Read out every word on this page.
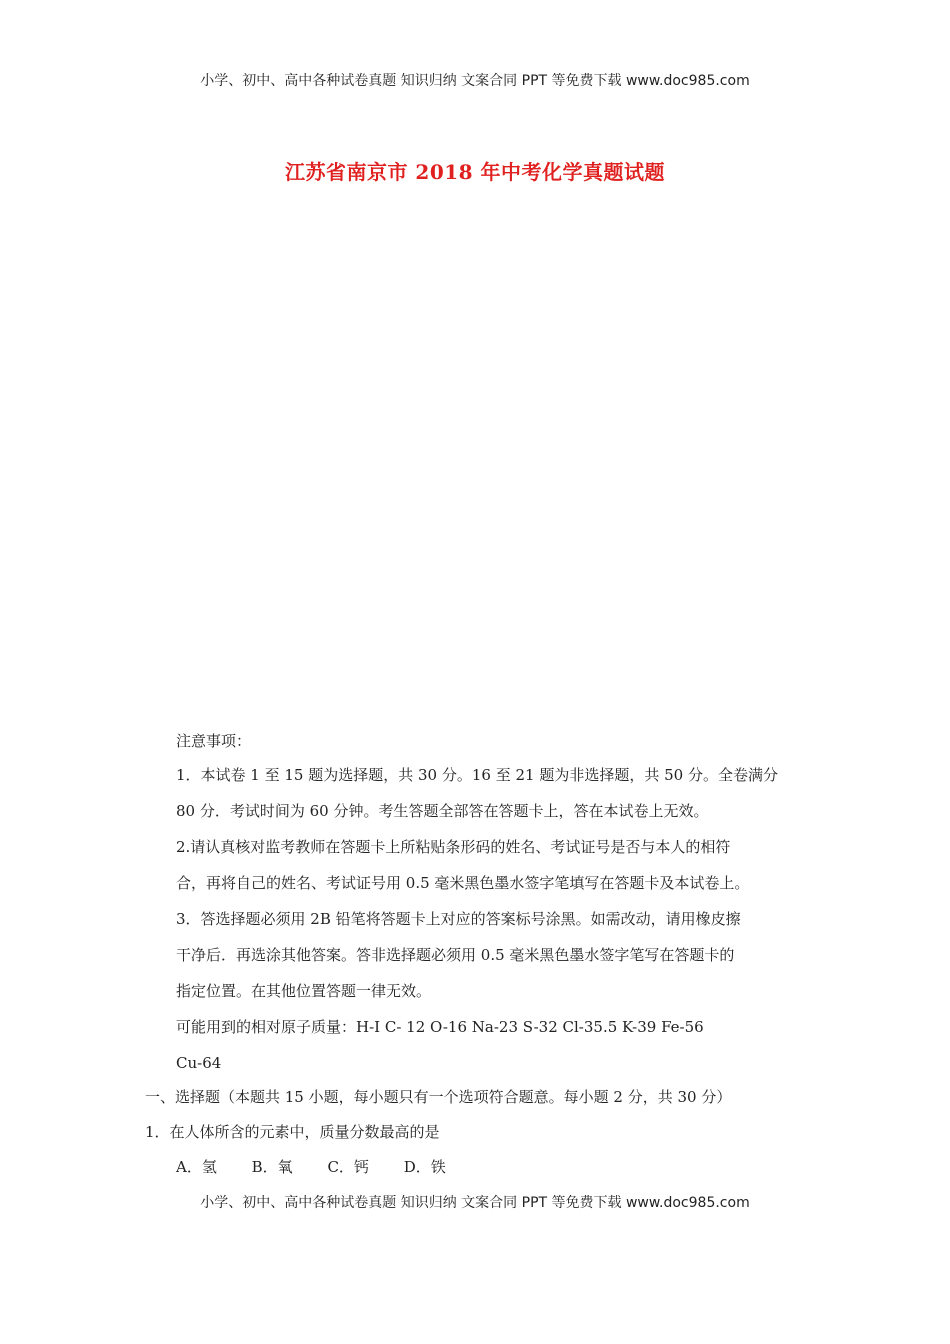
小学、初中、高中各种试卷真题 知识归纳 文案合同 PPT 等免费下载 www.doc985.com
江苏省南京市 2018 年中考化学真题试题
注意事项：
1．本试卷 1 至 15 题为选择题，共 30 分。16 至 21 题为非选择题，共 50 分。全卷满分
80 分．考试时间为 60 分钟。考生答题全部答在答题卡上，答在本试卷上无效。
2.请认真核对监考教师在答题卡上所粘贴条形码的姓名、考试证号是否与本人的相符
合，再将自己的姓名、考试证号用 0.5 毫米黑色墨水签字笔填写在答题卡及本试卷上。
3．答选择题必须用 2B 铅笔将答题卡上对应的答案标号涂黑。如需改动，请用橡皮擦
干净后．再选涂其他答案。答非选择题必须用 0.5 毫米黑色墨水签字笔写在答题卡的
指定位置。在其他位置答题一律无效。
可能用到的相对原子质量：H-I C- 12 O-16 Na-23 S-32 Cl-35.5 K-39 Fe-56
Cu-64
一、选择题（本题共 15 小题，每小题只有一个选项符合题意。每小题 2 分，共 30 分）
1．在人体所含的元素中，质量分数最高的是
A．氢 B．氧 C．钙 D．铁
小学、初中、高中各种试卷真题 知识归纳 文案合同 PPT 等免费下载 www.doc985.com
